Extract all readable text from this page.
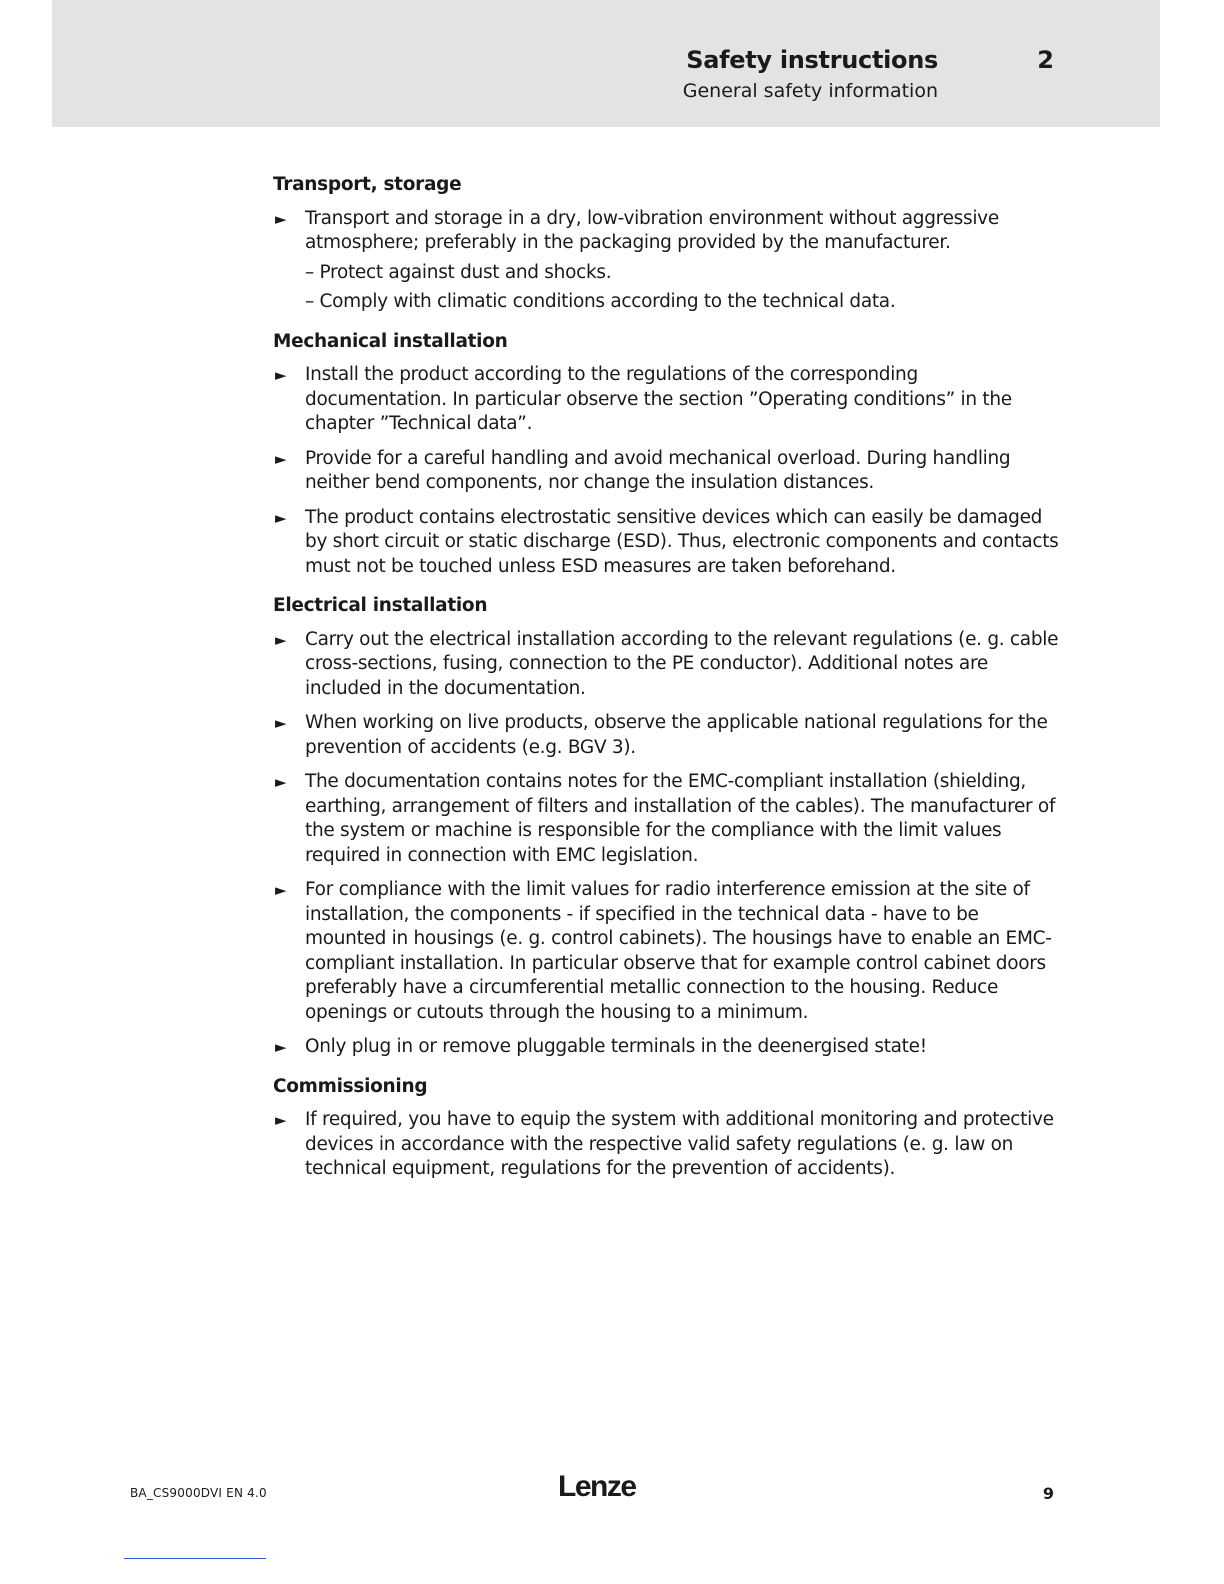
Safety instructions
General safety information
2
Transport, storage
► Transport and storage in a dry, low-vibration environment without aggressive atmosphere; preferably in the packaging provided by the manufacturer.
– Protect against dust and shocks.
– Comply with climatic conditions according to the technical data.
Mechanical installation
► Install the product according to the regulations of the corresponding documentation. In particular observe the section ”Operating conditions” in the chapter ”Technical data”.
► Provide for a careful handling and avoid mechanical overload. During handling neither bend components, nor change the insulation distances.
► The product contains electrostatic sensitive devices which can easily be damaged by short circuit or static discharge (ESD). Thus, electronic components and contacts must not be touched unless ESD measures are taken beforehand.
Electrical installation
► Carry out the electrical installation according to the relevant regulations (e. g. cable cross-sections, fusing, connection to the PE conductor). Additional notes are included in the documentation.
► When working on live products, observe the applicable national regulations for the prevention of accidents (e.g. BGV 3).
► The documentation contains notes for the EMC-compliant installation (shielding, earthing, arrangement of filters and installation of the cables). The manufacturer of the system or machine is responsible for the compliance with the limit values required in connection with EMC legislation.
► For compliance with the limit values for radio interference emission at the site of installation, the components - if specified in the technical data - have to be mounted in housings (e. g. control cabinets). The housings have to enable an EMC-compliant installation. In particular observe that for example control cabinet doors preferably have a circumferential metallic connection to the housing. Reduce openings or cutouts through the housing to a minimum.
► Only plug in or remove pluggable terminals in the deenergised state!
Commissioning
► If required, you have to equip the system with additional monitoring and protective devices in accordance with the respective valid safety regulations (e. g. law on technical equipment, regulations for the prevention of accidents).
BA_CS9000DVI EN 4.0	Lenze	9
